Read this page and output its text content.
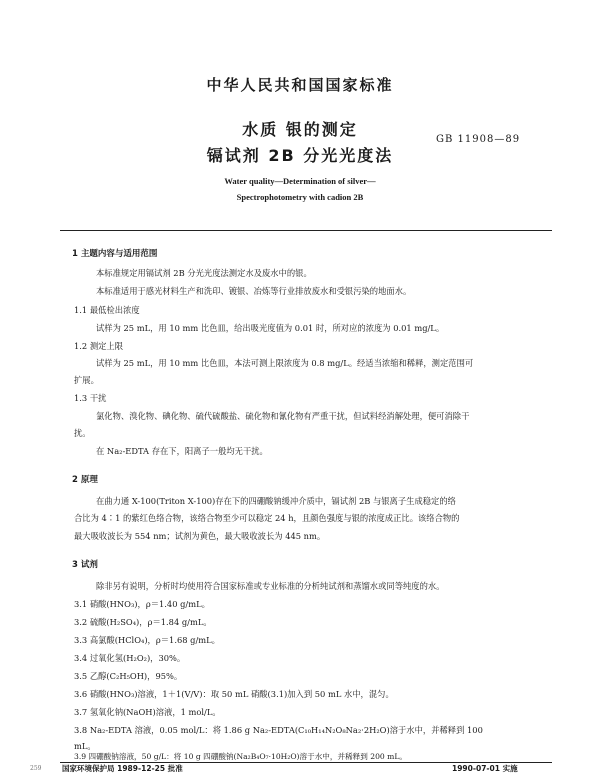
中华人民共和国国家标准
水质 银的测定
镉试剂 2B 分光光度法
GB 11908—89
Water quality—Determination of silver—
Spectrophotometry with cadion 2B
1 主题内容与适用范围
本标准规定用镉试剂 2B 分光光度法测定水及废水中的银。
本标准适用于感光材料生产和洗印、镀银、冶炼等行业排放废水和受银污染的地面水。
1.1 最低检出浓度
试样为 25 mL，用 10 mm 比色皿，给出吸光度值为 0.01 时，所对应的浓度为 0.01 mg/L。
1.2 测定上限
试样为 25 mL，用 10 mm 比色皿，本法可测上限浓度为 0.8 mg/L。经适当浓缩和稀释，测定范围可
扩展。
1.3 干扰
氯化物、溴化物、碘化物、硫代硫酸盐、硫化物和氰化物有严重干扰，但试料经消解处理，便可消除干
扰。
在 Na₂-EDTA 存在下，阳离子一般均无干扰。
2 原理
在曲力通 X-100(Triton X-100)存在下的四硼酸钠缓冲介质中，镉试剂 2B 与银离子生成稳定的络
合比为 4∶1 的紫红色络合物，该络合物至少可以稳定 24 h，且颜色强度与银的浓度成正比。该络合物的
最大吸收波长为 554 nm；试剂为黄色，最大吸收波长为 445 nm。
3 试剂
除非另有说明，分析时均使用符合国家标准或专业标准的分析纯试剂和蒸馏水或同等纯度的水。
3.1 硝酸(HNO₃)，ρ＝1.40 g/mL。
3.2 硫酸(H₂SO₄)，ρ＝1.84 g/mL。
3.3 高氯酸(HClO₄)，ρ＝1.68 g/mL。
3.4 过氧化氢(H₂O₂)，30%。
3.5 乙醇(C₂H₅OH)，95%。
3.6 硝酸(HNO₃)溶液，1＋1(V/V)：取 50 mL 硝酸(3.1)加入到 50 mL 水中，混匀。
3.7 氢氧化钠(NaOH)溶液，1 mol/L。
3.8 Na₂-EDTA 溶液，0.05 mol/L：将 1.86 g Na₂-EDTA(C₁₀H₁₄N₂O₈Na₂·2H₂O)溶于水中，并稀释到 100
mL。
3.9 四硼酸钠溶液，50 g/L：将 10 g 四硼酸钠(Na₂B₄O₇·10H₂O)溶于水中，并稀释到 200 mL。
国家环境保护局 1989-12-25 批准	1990-07-01 实施
259
